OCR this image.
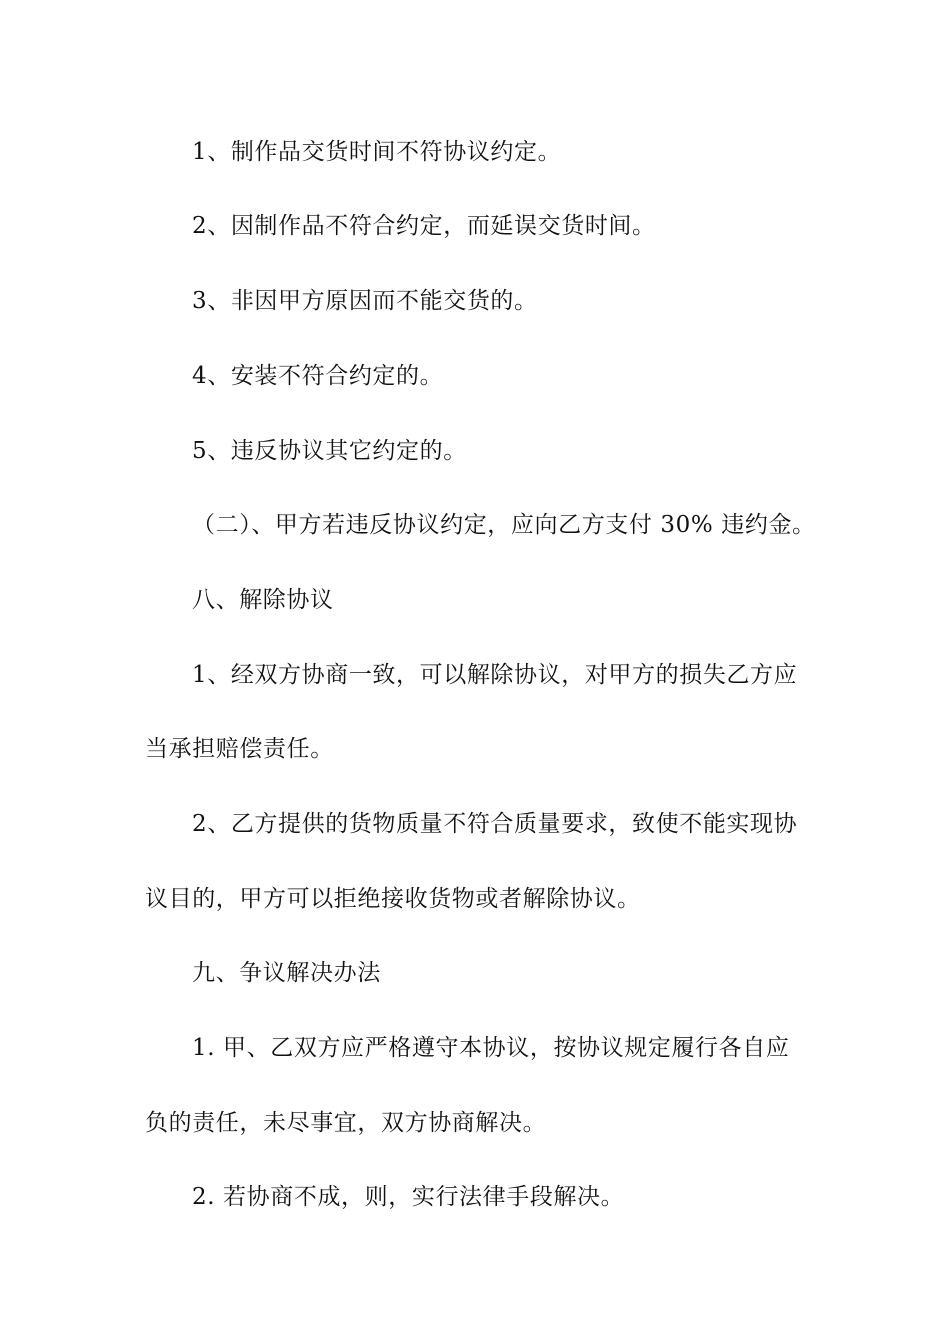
1、制作品交货时间不符协议约定。
2、因制作品不符合约定，而延误交货时间。
3、非因甲方原因而不能交货的。
4、安装不符合约定的。
5、违反协议其它约定的。
（二）、甲方若违反协议约定，应向乙方支付 30% 违约金。
八、解除协议
1、经双方协商一致，可以解除协议，对甲方的损失乙方应
当承担赔偿责任。
2、乙方提供的货物质量不符合质量要求，致使不能实现协
议目的，甲方可以拒绝接收货物或者解除协议。
九、争议解决办法
1. 甲、乙双方应严格遵守本协议，按协议规定履行各自应
负的责任，未尽事宜，双方协商解决。
2. 若协商不成，则，实行法律手段解决。
